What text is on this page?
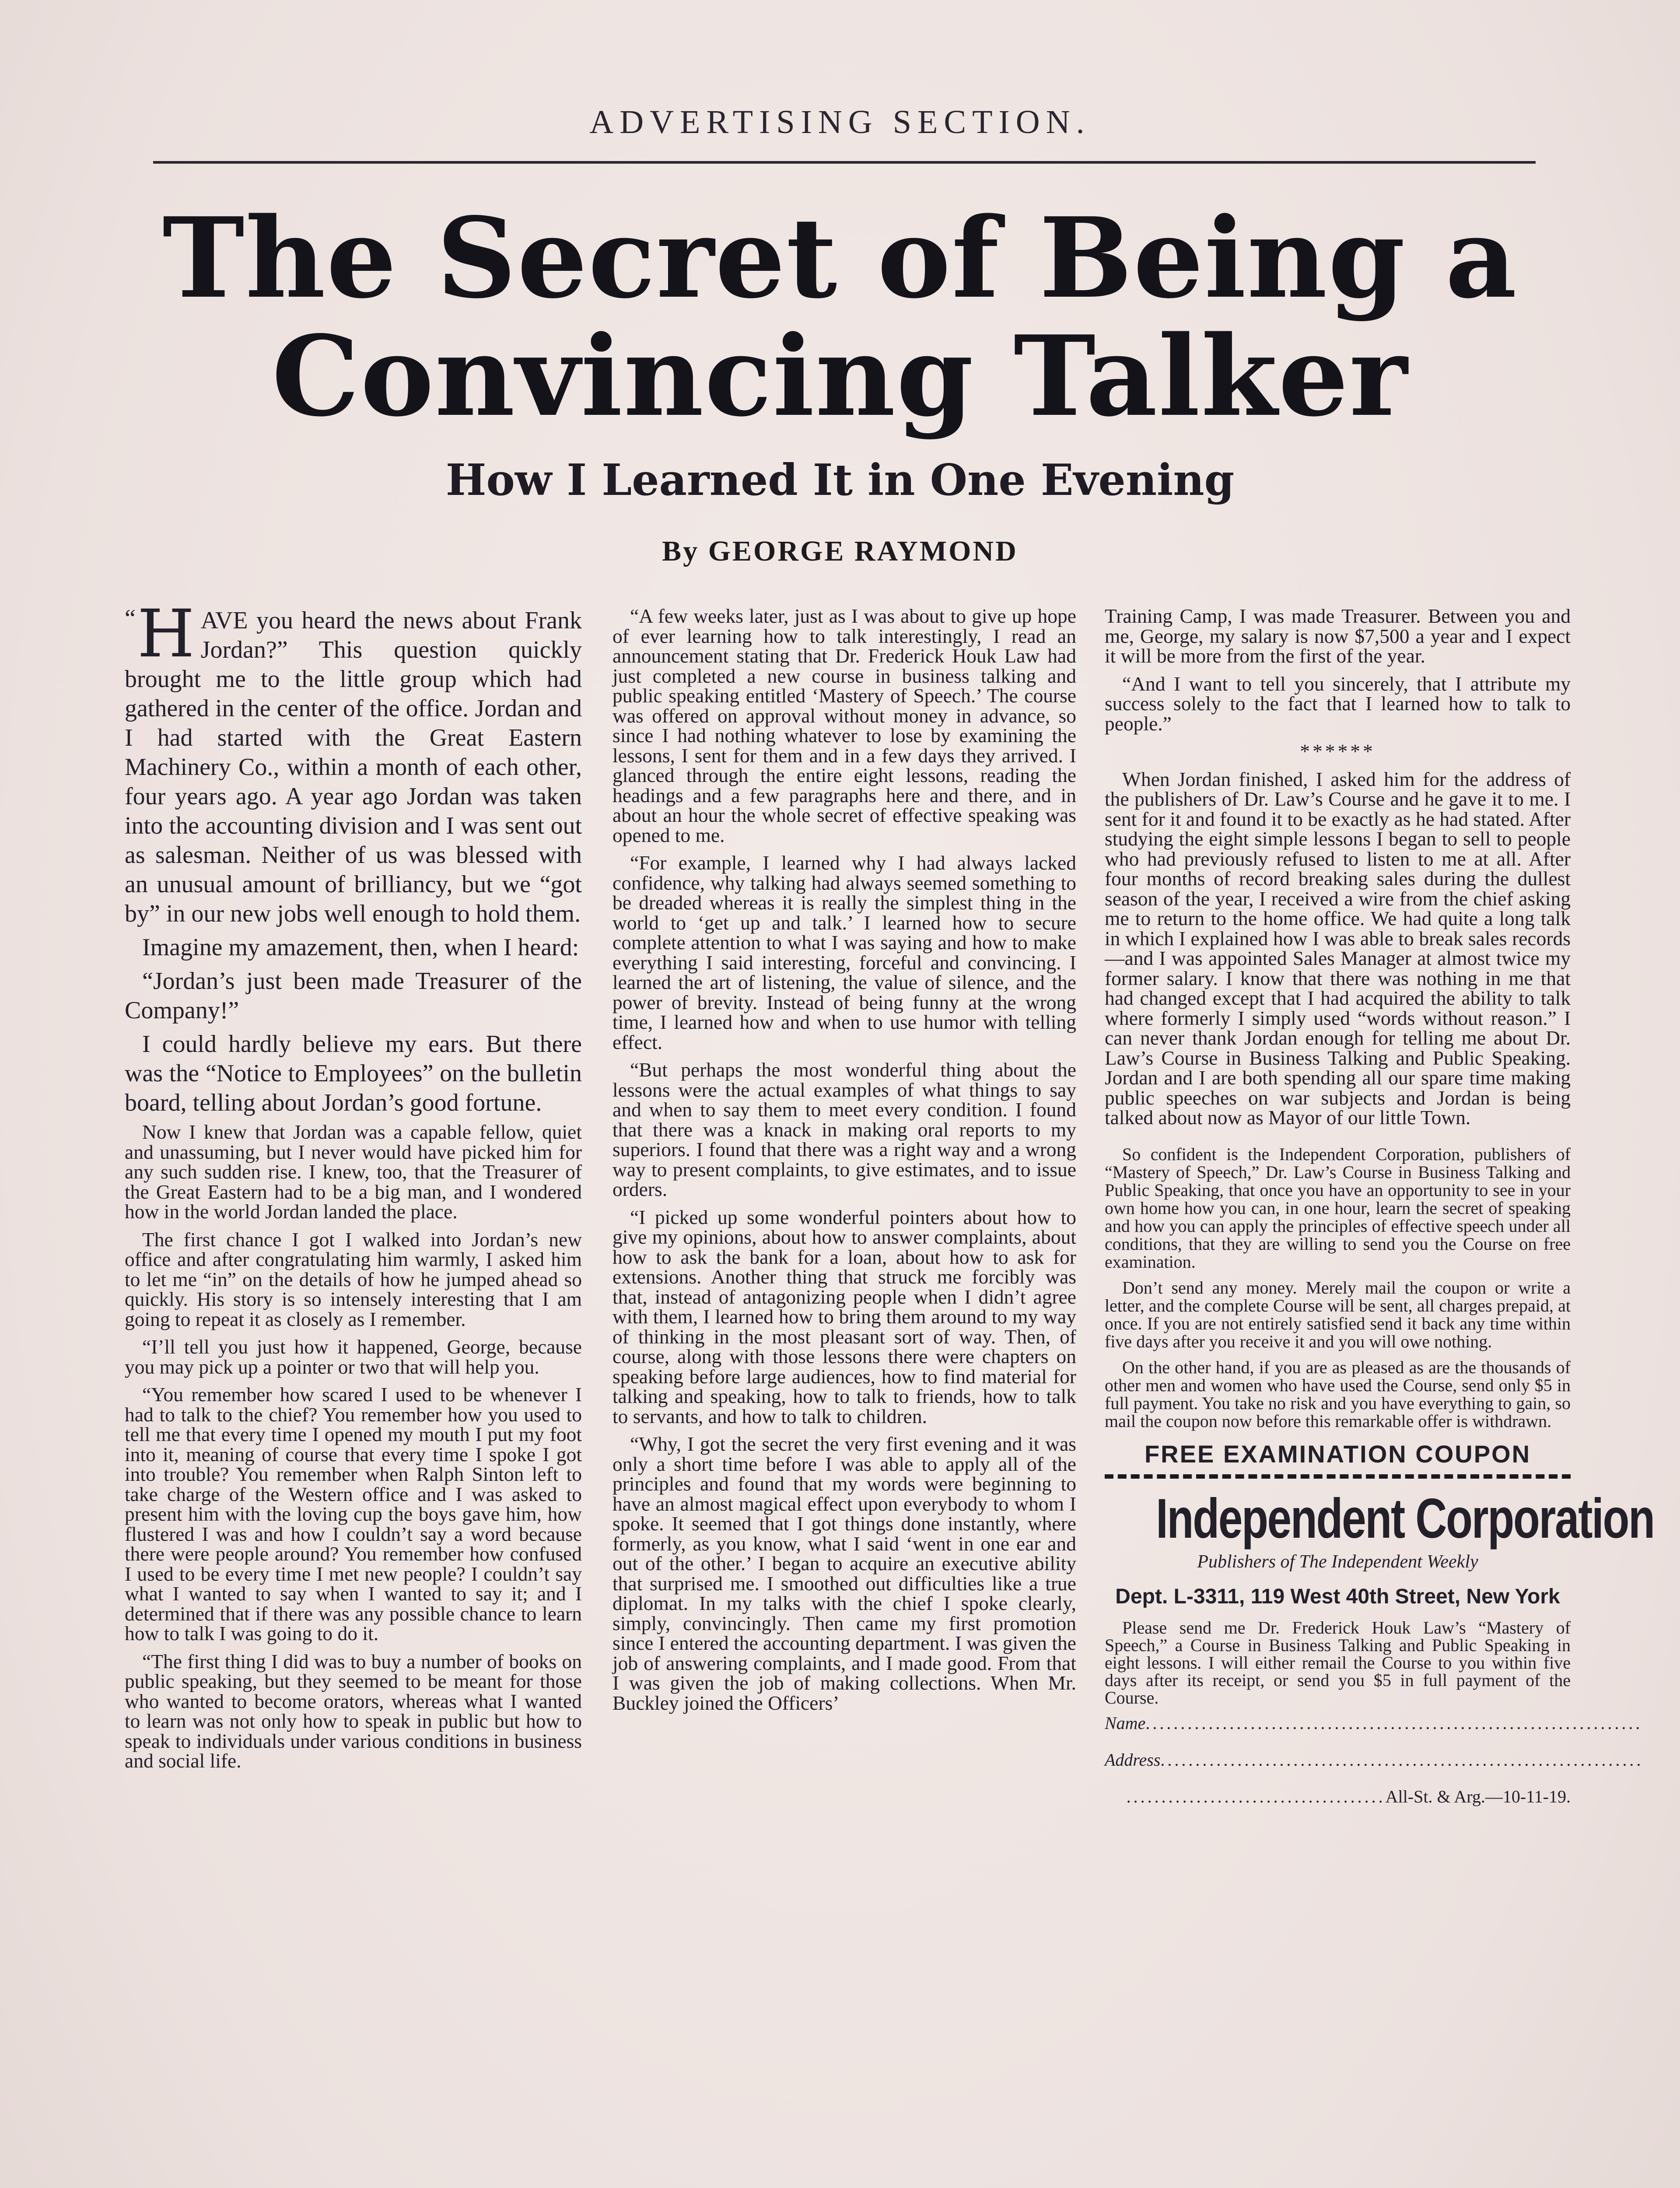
ADVERTISING SECTION.
The Secret of Being a
Convincing Talker
How I Learned It in One Evening
By GEORGE RAYMOND

“ H AVE you heard the news about Frank Jordan?” This question quickly brought me to the little group which had gathered in the center of the office. Jordan and I had started with the Great Eastern Machinery Co., within a month of each other, four years ago. A year ago Jordan was taken into the accounting division and I was sent out as salesman. Neither of us was blessed with an unusual amount of brilliancy, but we “got by” in our new jobs well enough to hold them.

Imagine my amazement, then, when I heard:

“Jordan’s just been made Treasurer of the Company!”

I could hardly believe my ears. But there was the “Notice to Employees” on the bulletin board, telling about Jordan’s good fortune.

Now I knew that Jordan was a capable fellow, quiet and unassuming, but I never would have picked him for any such sudden rise. I knew, too, that the Treasurer of the Great Eastern had to be a big man, and I wondered how in the world Jordan landed the place.

The first chance I got I walked into Jordan’s new office and after congratulating him warmly, I asked him to let me “in” on the details of how he jumped ahead so quickly. His story is so intensely interesting that I am going to repeat it as closely as I remember.

“I’ll tell you just how it happened, George, because you may pick up a pointer or two that will help you.

“You remember how scared I used to be whenever I had to talk to the chief? You remember how you used to tell me that every time I opened my mouth I put my foot into it, meaning of course that every time I spoke I got into trouble? You remember when Ralph Sinton left to take charge of the Western office and I was asked to present him with the loving cup the boys gave him, how flustered I was and how I couldn’t say a word because there were people around? You remember how confused I used to be every time I met new people? I couldn’t say what I wanted to say when I wanted to say it; and I determined that if there was any possible chance to learn how to talk I was going to do it.

“The first thing I did was to buy a number of books on public speaking, but they seemed to be meant for those who wanted to become orators, whereas what I wanted to learn was not only how to speak in public but how to speak to individuals under various conditions in business and social life.

“A few weeks later, just as I was about to give up hope of ever learning how to talk interestingly, I read an announcement stating that Dr. Frederick Houk Law had just completed a new course in business talking and public speaking entitled ‘Mastery of Speech.’ The course was offered on approval without money in advance, so since I had nothing whatever to lose by examining the lessons, I sent for them and in a few days they arrived. I glanced through the entire eight lessons, reading the headings and a few paragraphs here and there, and in about an hour the whole secret of effective speaking was opened to me.

“For example, I learned why I had always lacked confidence, why talking had always seemed something to be dreaded whereas it is really the simplest thing in the world to ‘get up and talk.’ I learned how to secure complete attention to what I was saying and how to make everything I said interesting, forceful and convincing. I learned the art of listening, the value of silence, and the power of brevity. Instead of being funny at the wrong time, I learned how and when to use humor with telling effect.

“But perhaps the most wonderful thing about the lessons were the actual examples of what things to say and when to say them to meet every condition. I found that there was a knack in making oral reports to my superiors. I found that there was a right way and a wrong way to present complaints, to give estimates, and to issue orders.

“I picked up some wonderful pointers about how to give my opinions, about how to answer complaints, about how to ask the bank for a loan, about how to ask for extensions. Another thing that struck me forcibly was that, instead of antagonizing people when I didn’t agree with them, I learned how to bring them around to my way of thinking in the most pleasant sort of way. Then, of course, along with those lessons there were chapters on speaking before large audiences, how to find material for talking and speaking, how to talk to friends, how to talk to servants, and how to talk to children.

“Why, I got the secret the very first evening and it was only a short time before I was able to apply all of the principles and found that my words were beginning to have an almost magical effect upon everybody to whom I spoke. It seemed that I got things done instantly, where formerly, as you know, what I said ‘went in one ear and out of the other.’ I began to acquire an executive ability that surprised me. I smoothed out difficulties like a true diplomat. In my talks with the chief I spoke clearly, simply, convincingly. Then came my first promotion since I entered the accounting department. I was given the job of answering complaints, and I made good. From that I was given the job of making collections. When Mr. Buckley joined the Officers’

Training Camp, I was made Treasurer. Between you and me, George, my salary is now $7,500 a year and I expect it will be more from the first of the year.

“And I want to tell you sincerely, that I attribute my success solely to the fact that I learned how to talk to people.”

******

When Jordan finished, I asked him for the address of the publishers of Dr. Law’s Course and he gave it to me. I sent for it and found it to be exactly as he had stated. After studying the eight simple lessons I began to sell to people who had previously refused to listen to me at all. After four months of record breaking sales during the dullest season of the year, I received a wire from the chief asking me to return to the home office. We had quite a long talk in which I explained how I was able to break sales records—and I was appointed Sales Manager at almost twice my former salary. I know that there was nothing in me that had changed except that I had acquired the ability to talk where formerly I simply used “words without reason.” I can never thank Jordan enough for telling me about Dr. Law’s Course in Business Talking and Public Speaking. Jordan and I are both spending all our spare time making public speeches on war subjects and Jordan is being talked about now as Mayor of our little Town.

So confident is the Independent Corporation, publishers of “Mastery of Speech,” Dr. Law’s Course in Business Talking and Public Speaking, that once you have an opportunity to see in your own home how you can, in one hour, learn the secret of speaking and how you can apply the principles of effective speech under all conditions, that they are willing to send you the Course on free examination.

Don’t send any money. Merely mail the coupon or write a letter, and the complete Course will be sent, all charges prepaid, at once. If you are not entirely satisfied send it back any time within five days after you receive it and you will owe nothing.

On the other hand, if you are as pleased as are the thousands of other men and women who have used the Course, send only $5 in full payment. You take no risk and you have everything to gain, so mail the coupon now before this remarkable offer is withdrawn.

FREE EXAMINATION COUPON
Independent Corporation
Publishers of The Independent Weekly
Dept. L-3311, 119 West 40th Street, New York

Please send me Dr. Frederick Houk Law’s “Mastery of Speech,” a Course in Business Talking and Public Speaking in eight lessons. I will either remail the Course to you within five days after its receipt, or send you $5 in full payment of the Course.

Name.......................................................................
Address.....................................................................
.....................................All-St. & Arg.—10-11-19.
